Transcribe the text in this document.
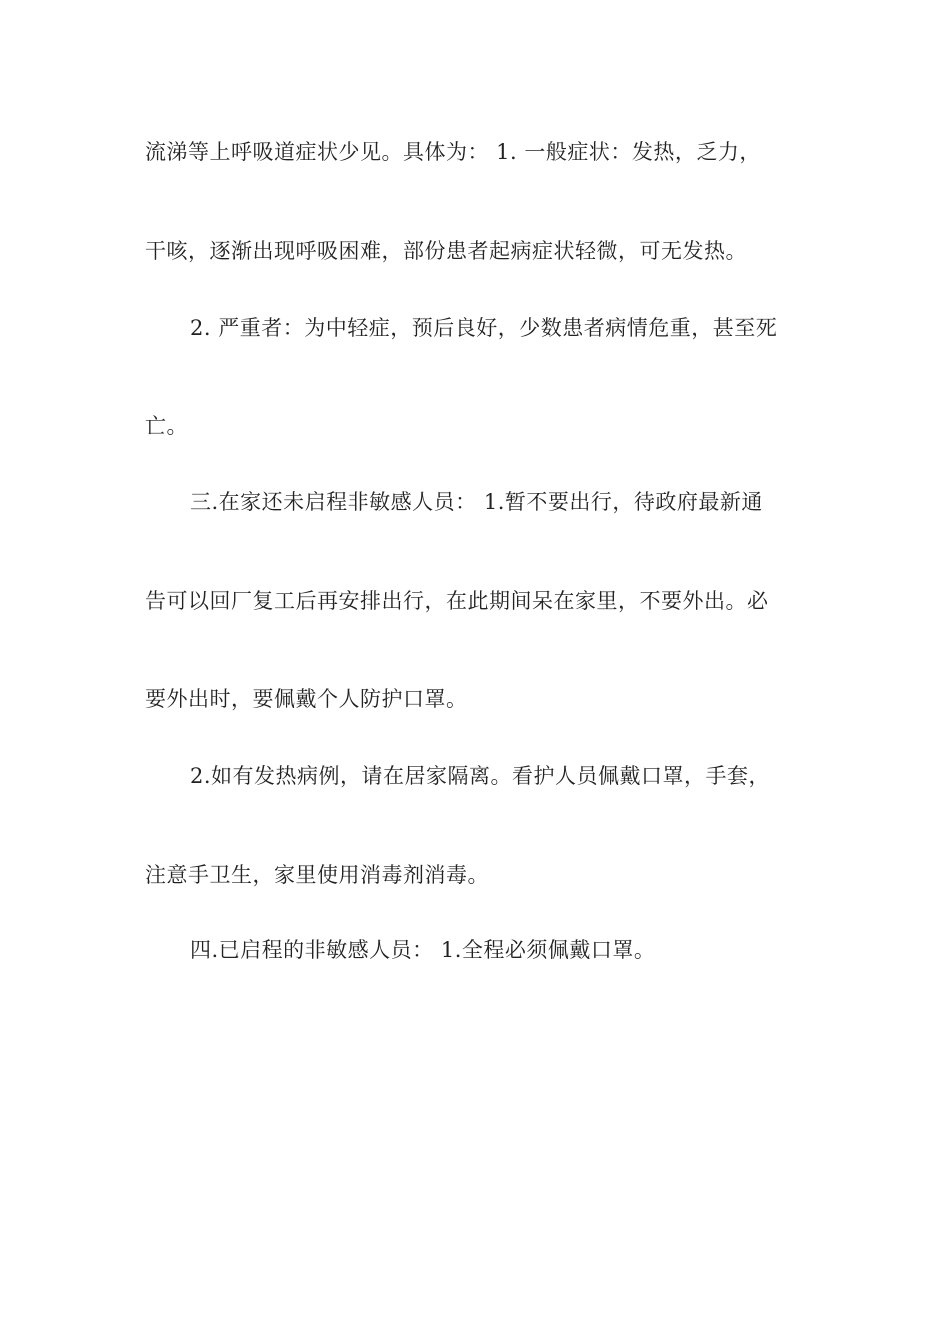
流涕等上呼吸道症状少见。具体为： 1. 一般症状：发热，乏力，
干咳，逐渐出现呼吸困难，部份患者起病症状轻微，可无发热。
2. 严重者：为中轻症，预后良好，少数患者病情危重，甚至死
亡。
三.在家还未启程非敏感人员： 1.暂不要出行，待政府最新通
告可以回厂复工后再安排出行，在此期间呆在家里，不要外出。必
要外出时，要佩戴个人防护口罩。
2.如有发热病例，请在居家隔离。看护人员佩戴口罩，手套，
注意手卫生，家里使用消毒剂消毒。
四.已启程的非敏感人员： 1.全程必须佩戴口罩。
